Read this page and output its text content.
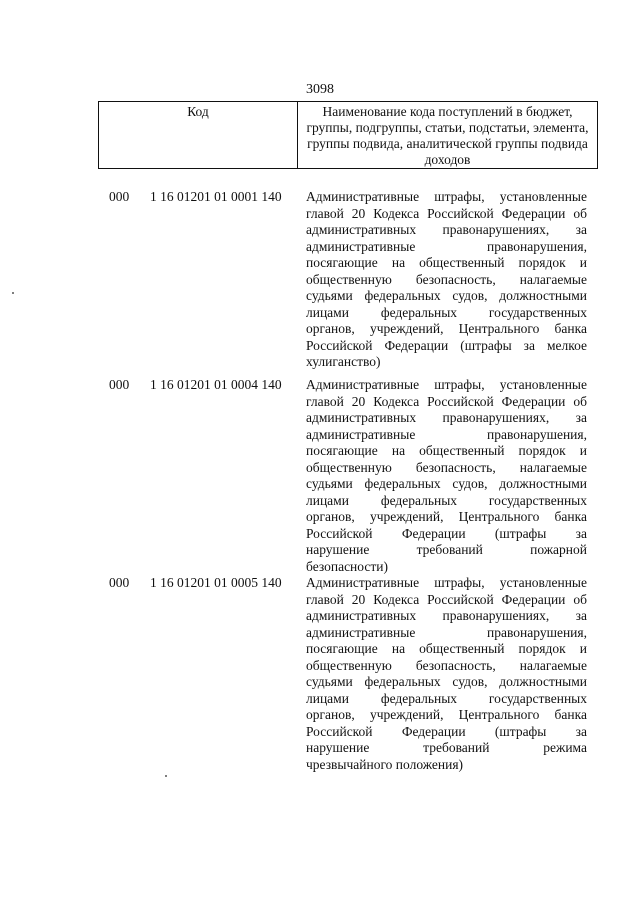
3098
Код	Наименование кода поступлений в бюджет, группы, подгруппы, статьи, подстатьи, элемента, группы подвида, аналитической группы подвида доходов
000	1 16 01201 01 0001 140	Административные штрафы, установленные
главой 20 Кодекса Российской Федерации об
административных правонарушениях, за
административные правонарушения,
посягающие на общественный порядок и
общественную безопасность, налагаемые
судьями федеральных судов, должностными
лицами федеральных государственных
органов, учреждений, Центрального банка
Российской Федерации (штрафы за мелкое
хулиганство)
000	1 16 01201 01 0004 140	Административные штрафы, установленные
главой 20 Кодекса Российской Федерации об
административных правонарушениях, за
административные правонарушения,
посягающие на общественный порядок и
общественную безопасность, налагаемые
судьями федеральных судов, должностными
лицами федеральных государственных
органов, учреждений, Центрального банка
Российской Федерации (штрафы за
нарушение требований пожарной
безопасности)
000	1 16 01201 01 0005 140	Административные штрафы, установленные
главой 20 Кодекса Российской Федерации об
административных правонарушениях, за
административные правонарушения,
посягающие на общественный порядок и
общественную безопасность, налагаемые
судьями федеральных судов, должностными
лицами федеральных государственных
органов, учреждений, Центрального банка
Российской Федерации (штрафы за
нарушение требований режима
чрезвычайного положения)
